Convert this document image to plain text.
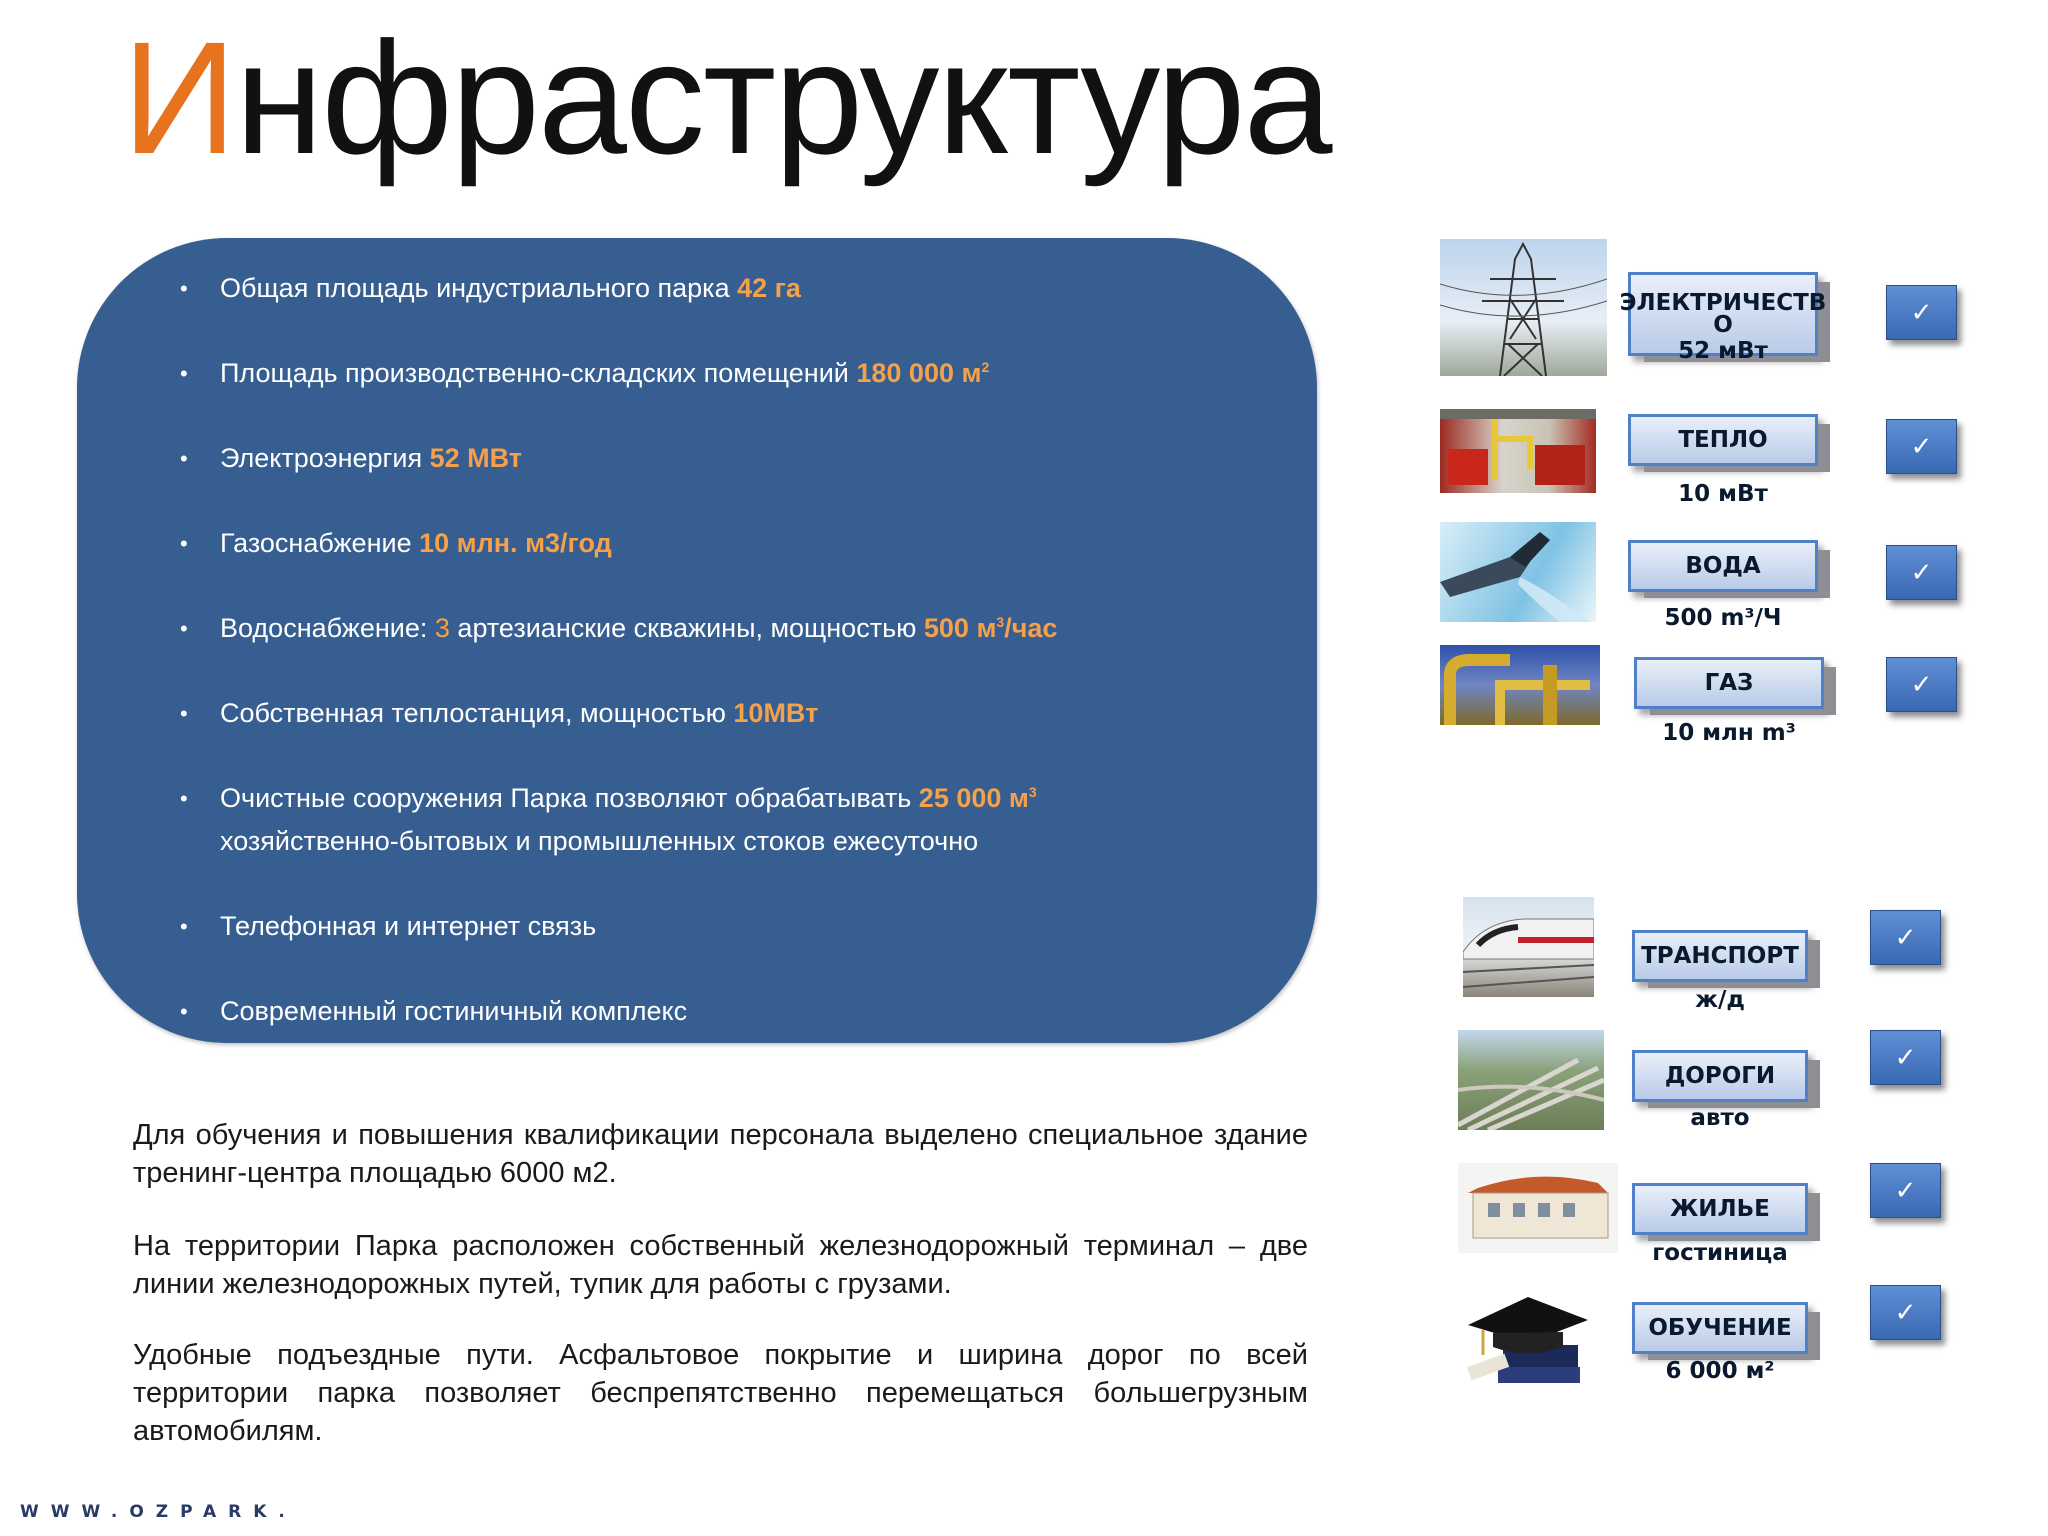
Инфраструктура
• Общая площадь индустриального парка 42 га
• Площадь производственно-складских помещений 180 000 $м^2$
• Электроэнергия 52 МВт
• Газоснабжение 10 млн. м3/год
• Водоснабжение: 3 артезианские скважины, мощностью 500 $м^3$/час
• Собственная теплостанция, мощностью 10МВт
• Очистные сооружения Парка позволяют обрабатывать 25 000 $м^3$
хозяйственно-бытовых и промышленных стоков ежесуточно
• Телефонная и интернет связь
• Современный гостиничный комплекс
Для обучения и повышения квалификации персонала выделено специальное здание тренинг-центра площадью 6000 м2.
На территории Парка расположен собственный железнодорожный терминал – две линии железнодорожных путей, тупик для работы с грузами.
Удобные подъездные пути. Асфальтовое покрытие и ширина дорог по всей территории парка позволяет беспрепятственно перемещаться большегрузным автомобилям.
ЭЛЕКТРИЧЕСТВ О
52 мВт
✓
ТЕПЛО
10 мВт
✓
ВОДА
500 m³/Ч
✓
ГАЗ
10 млн m³
✓
ТРАНСПОРТ
ж/д
✓
ДОРОГИ
авто
✓
ЖИЛЬЕ
гостиница
✓
ОБУЧЕНИЕ
6 000 м²
✓
WWW.OZPARK.
